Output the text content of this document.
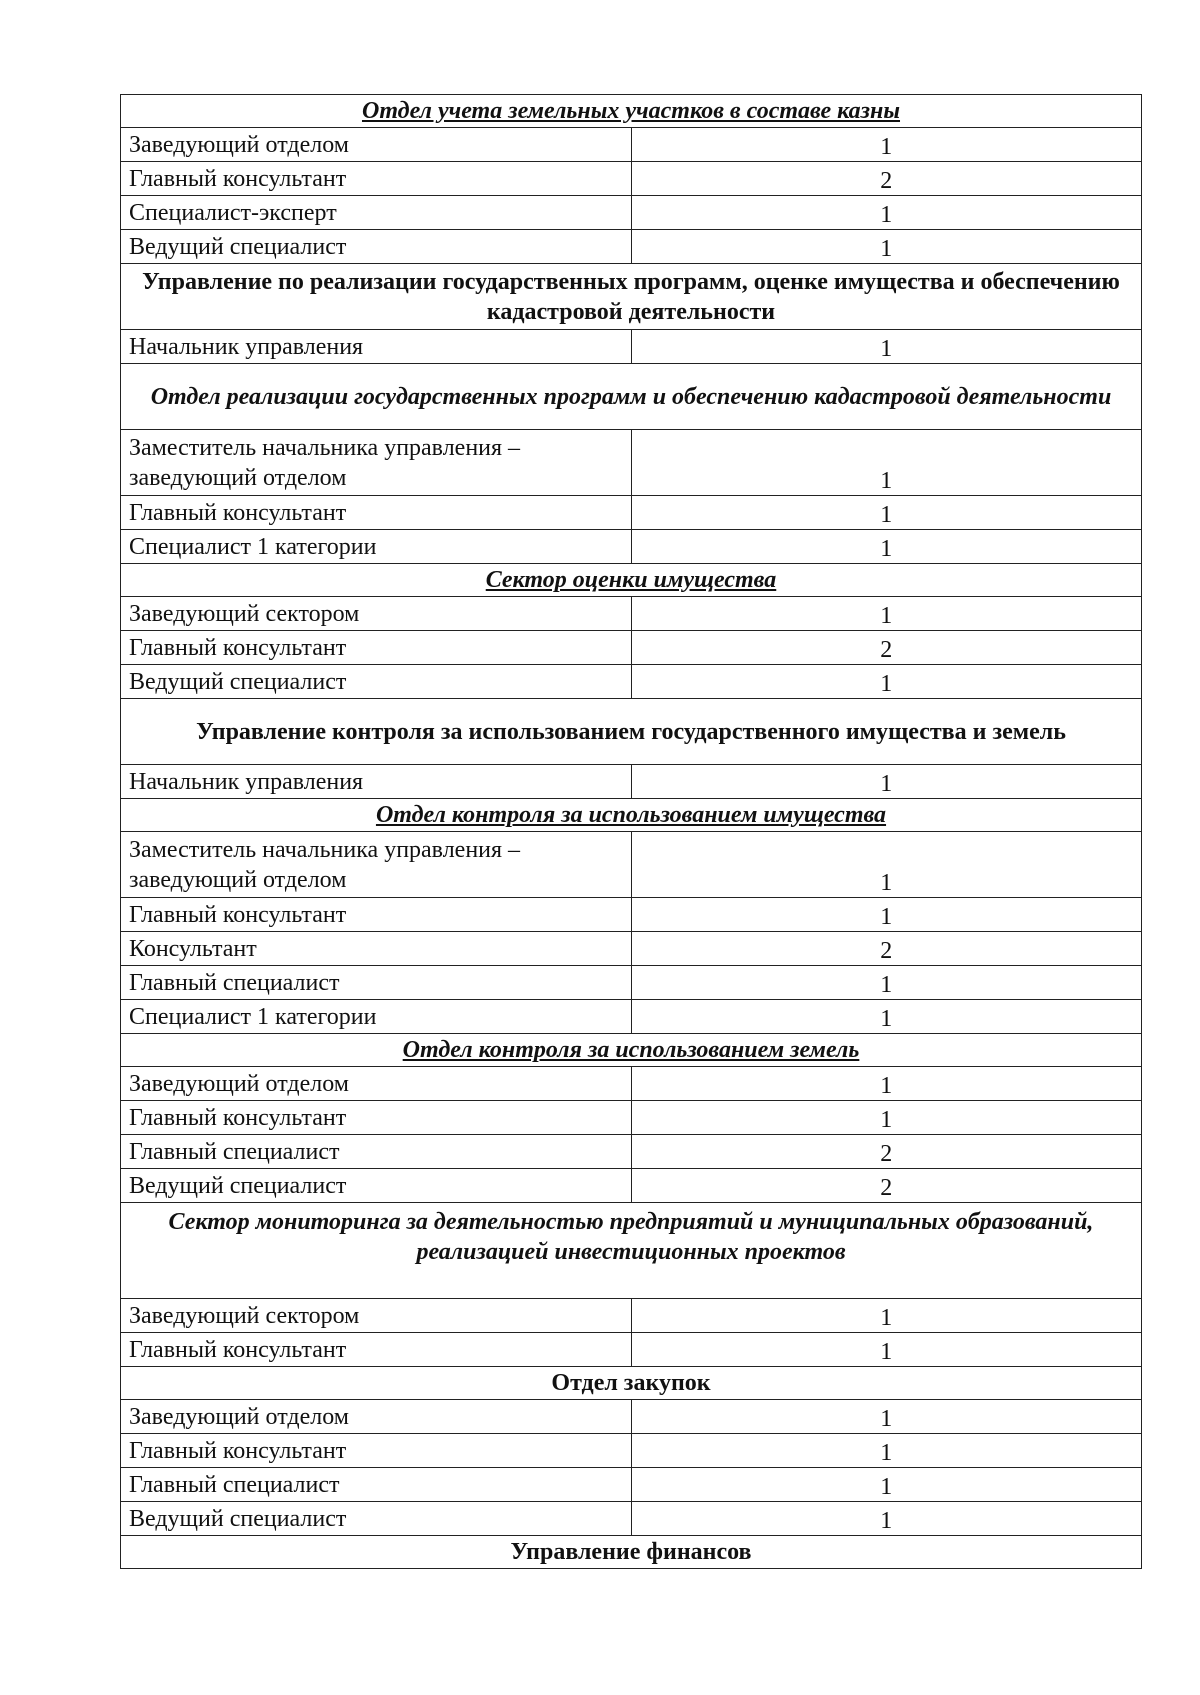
Отдел учета земельных участков в составе казны	
Заведующий отделом	1
Главный консультант	2
Специалист-эксперт	1
Ведущий специалист	1
Управление по реализации государственных программ, оценке имущества и обеспечению кадастровой деятельности	
Начальник управления	1
Отдел реализации государственных программ и обеспечению кадастровой деятельности	
Заместитель начальника управления – заведующий отделом	1
Главный консультант	1
Специалист 1 категории	1
Сектор оценки имущества	
Заведующий сектором	1
Главный консультант	2
Ведущий специалист	1
Управление контроля за использованием государственного имущества и земель	
Начальник управления	1
Отдел контроля за использованием имущества	
Заместитель начальника управления – заведующий отделом	1
Главный консультант	1
Консультант	2
Главный специалист	1
Специалист 1 категории	1
Отдел контроля за использованием земель	
Заведующий отделом	1
Главный консультант	1
Главный специалист	2
Ведущий специалист	2
Сектор мониторинга за деятельностью предприятий и муниципальных образований, реализацией инвестиционных проектов	
Заведующий сектором	1
Главный консультант	1
Отдел закупок	
Заведующий отделом	1
Главный консультант	1
Главный специалист	1
Ведущий специалист	1
Управление финансов	
